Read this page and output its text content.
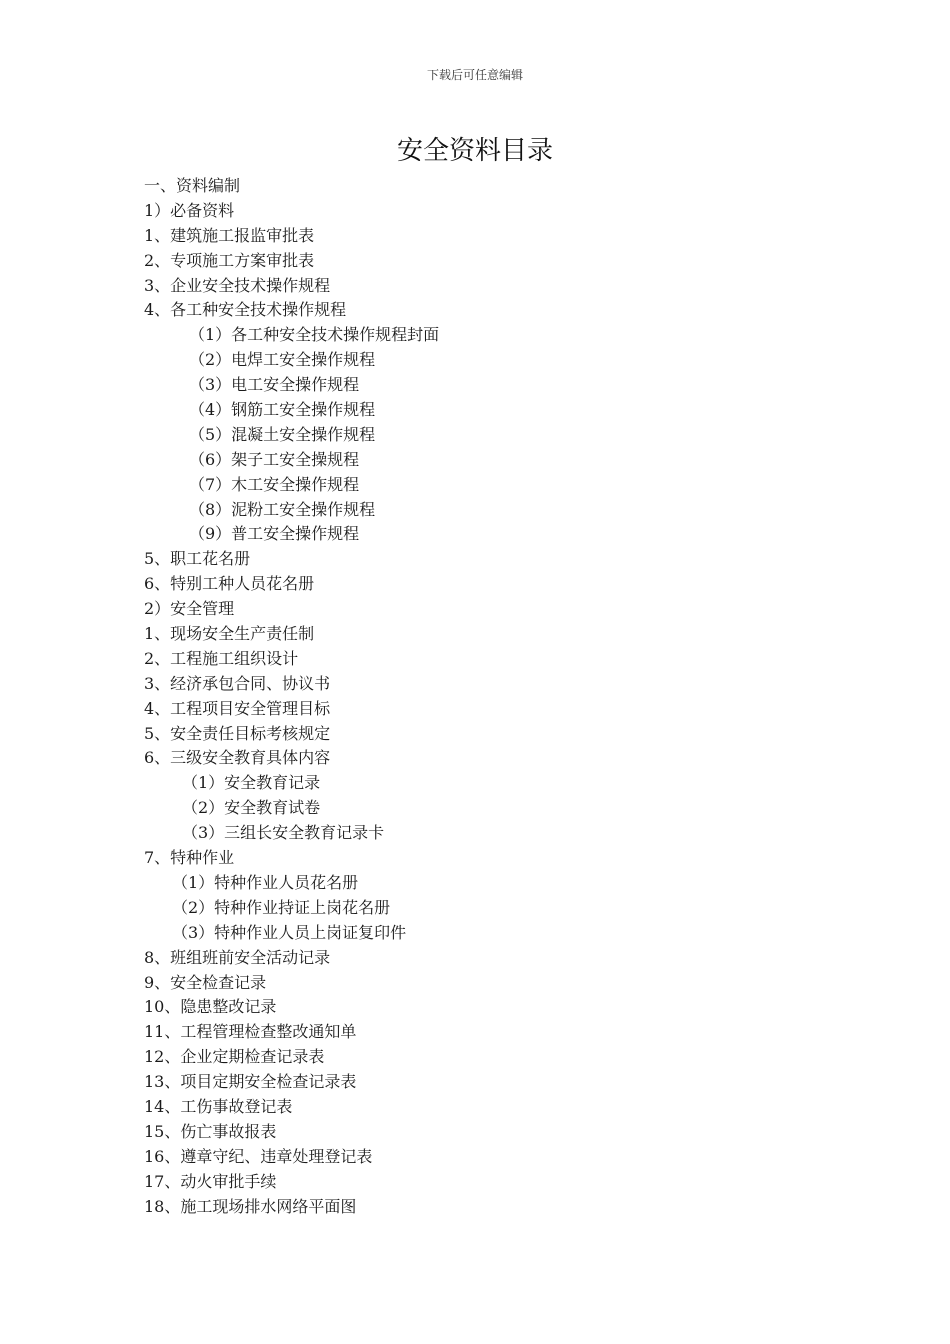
下载后可任意编辑
安全资料目录
一、资料编制
1）必备资料
1、建筑施工报监审批表
2、专项施工方案审批表
3、企业安全技术操作规程
4、各工种安全技术操作规程
（1）各工种安全技术操作规程封面
（2）电焊工安全操作规程
（3）电工安全操作规程
（4）钢筋工安全操作规程
（5）混凝土安全操作规程
（6）架子工安全操规程
（7）木工安全操作规程
（8）泥粉工安全操作规程
（9）普工安全操作规程
5、职工花名册
6、特别工种人员花名册
2）安全管理
1、现场安全生产责任制
2、工程施工组织设计
3、经济承包合同、协议书
4、工程项目安全管理目标
5、安全责任目标考核规定
6、三级安全教育具体内容
（1）安全教育记录
（2）安全教育试卷
（3）三组长安全教育记录卡
7、特种作业
（1）特种作业人员花名册
（2）特种作业持证上岗花名册
（3）特种作业人员上岗证复印件
8、班组班前安全活动记录
9、安全检查记录
10、隐患整改记录
11、工程管理检查整改通知单
12、企业定期检查记录表
13、项目定期安全检查记录表
14、工伤事故登记表
15、伤亡事故报表
16、遵章守纪、违章处理登记表
17、动火审批手续
18、施工现场排水网络平面图
